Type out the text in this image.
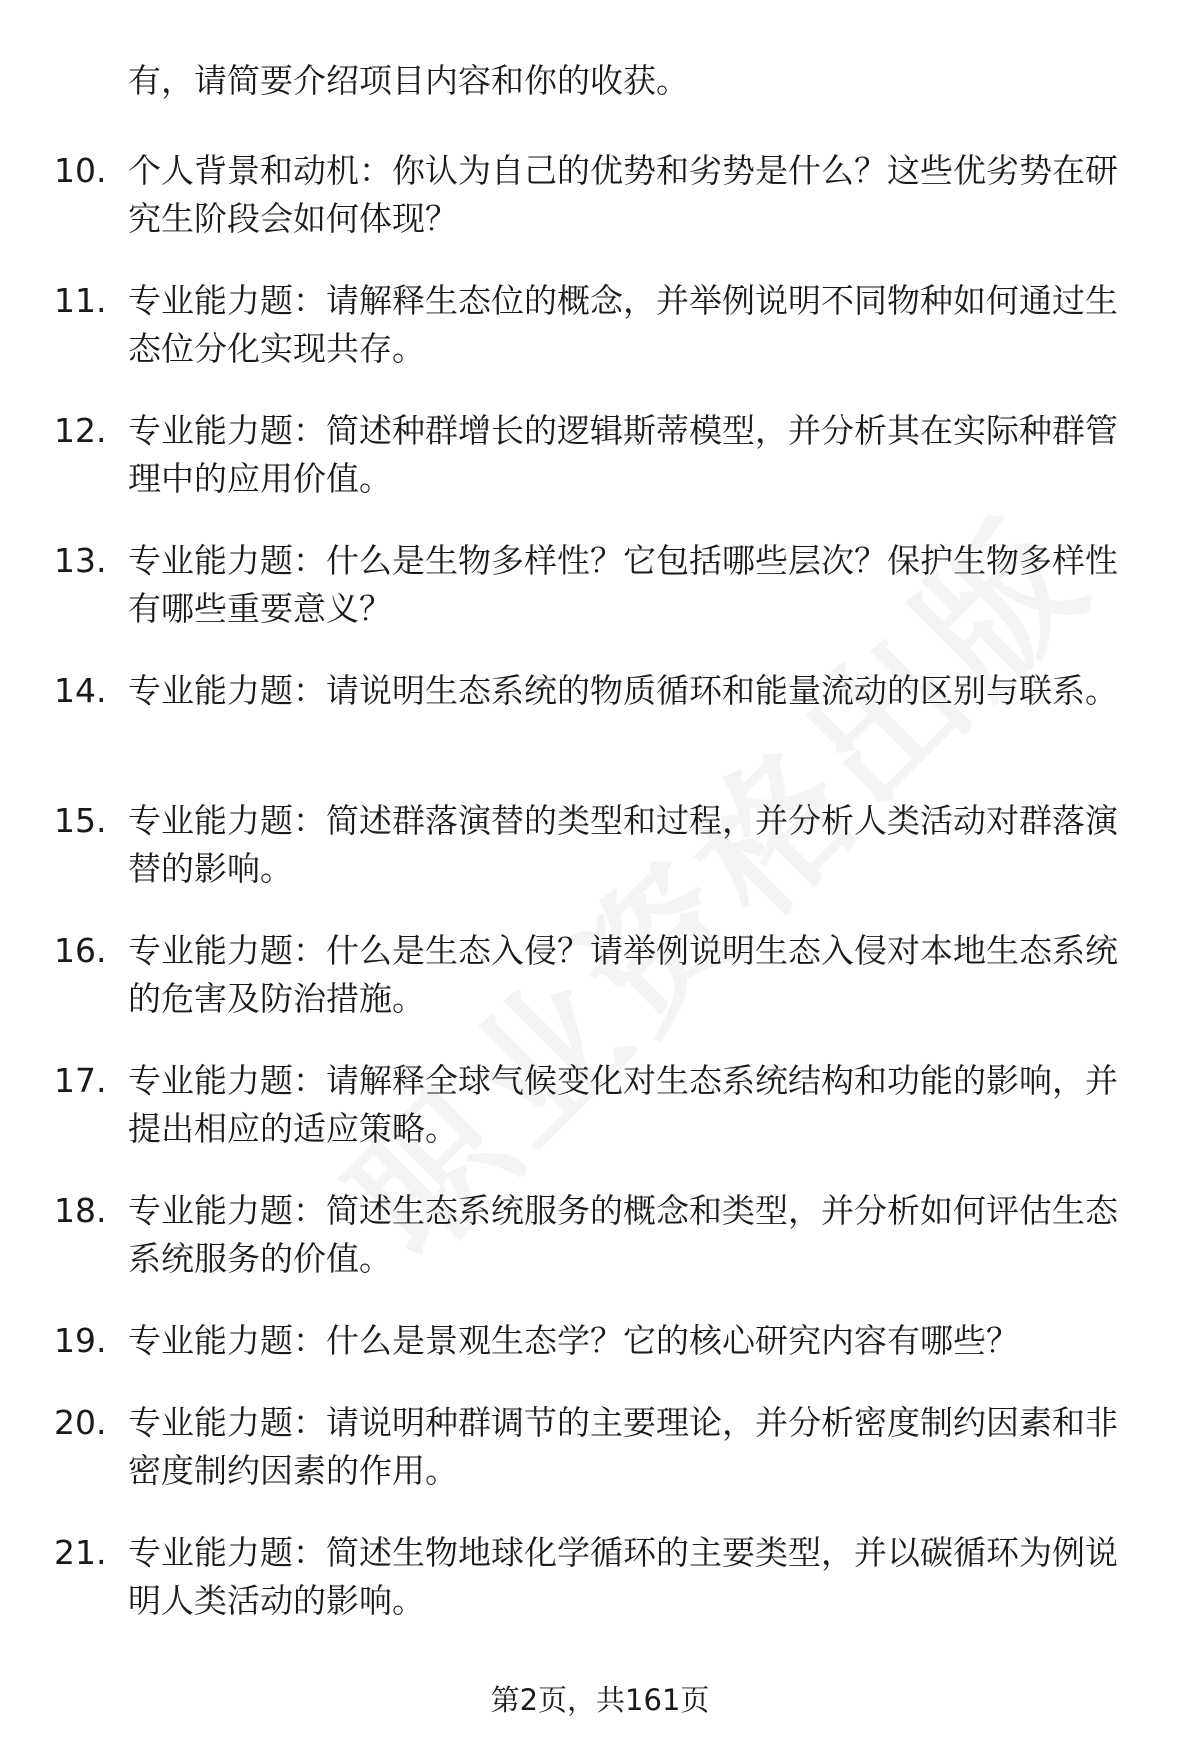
有，请简要介绍项目内容和你的收获。
10. 个人背景和动机：你认为自己的优势和劣势是什么？这些优劣势在研究生阶段会如何体现？
11. 专业能力题：请解释生态位的概念，并举例说明不同物种如何通过生态位分化实现共存。
12. 专业能力题：简述种群增长的逻辑斯蒂模型，并分析其在实际种群管理中的应用价值。
13. 专业能力题：什么是生物多样性？它包括哪些层次？保护生物多样性有哪些重要意义？
14. 专业能力题：请说明生态系统的物质循环和能量流动的区别与联系。
15. 专业能力题：简述群落演替的类型和过程，并分析人类活动对群落演替的影响。
16. 专业能力题：什么是生态入侵？请举例说明生态入侵对本地生态系统的危害及防治措施。
17. 专业能力题：请解释全球气候变化对生态系统结构和功能的影响，并提出相应的适应策略。
18. 专业能力题：简述生态系统服务的概念和类型，并分析如何评估生态系统服务的价值。
19. 专业能力题：什么是景观生态学？它的核心研究内容有哪些？
20. 专业能力题：请说明种群调节的主要理论，并分析密度制约因素和非密度制约因素的作用。
21. 专业能力题：简述生物地球化学循环的主要类型，并以碳循环为例说明人类活动的影响。
第2页，共161页
